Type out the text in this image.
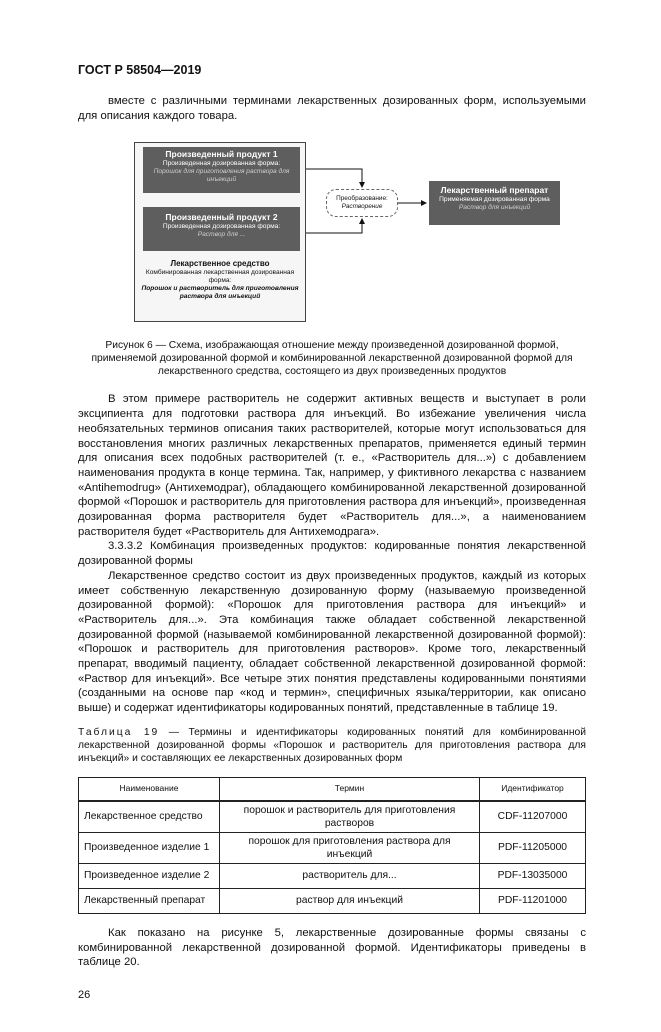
ГОСТ Р 58504—2019

вместе с различными терминами лекарственных дозированных форм, используемыми для описания каждого товара.

Произведенный продукт 1
Произведенная дозированная форма:
Порошок для приготовления раствора для инъекций
Произведенный продукт 2
Произведенная дозированная форма:
Раствор для ...
Лекарственное средство
Комбинированная лекарственная дозированная форма:
Порошок и растворитель для приготовления раствора для инъекций
Преобразование:
Растворение
Лекарственный препарат
Применяемая дозированная форма
Раствор для инъекций
Рисунок 6 — Схема, изображающая отношение между произведенной дозированной формой, применяемой дозированной формой и комбинированной лекарственной дозированной формой для лекарственного средства, состоящего из двух произведенных продуктов

В этом примере растворитель не содержит активных веществ и выступает в роли эксципиента для подготовки раствора для инъекций. Во избежание увеличения числа необязательных терминов описания таких растворителей, которые могут использоваться для восстановления многих различных лекарственных препаратов, применяется единый термин для описания всех подобных растворителей (т. е., «Растворитель для...») с добавлением наименования продукта в конце термина. Так, например, у фиктивного лекарства с названием «Antihemodrug» (Антихемодраг), обладающего комбинированной лекарственной дозированной формой «Порошок и растворитель для приготовления раствора для инъекций», произведенная дозированная форма растворителя будет «Растворитель для...», а наименованием растворителя будет «Растворитель для Антихемодрага».

3.3.3.2 Комбинация произведенных продуктов: кодированные понятия лекарственной дозированной формы

Лекарственное средство состоит из двух произведенных продуктов, каждый из которых имеет собственную лекарственную дозированную форму (называемую произведенной дозированной формой): «Порошок для приготовления раствора для инъекций» и «Растворитель для...». Эта комбинация также обладает собственной лекарственной дозированной формой (называемой комбинированной лекарственной дозированной формой): «Порошок и растворитель для приготовления растворов». Кроме того, лекарственный препарат, вводимый пациенту, обладает собственной лекарственной дозированной формой: «Раствор для инъекций». Все четыре этих понятия представлены кодированными понятиями (созданными на основе пар «код и термин», специфичных языка/территории, как описано выше) и содержат идентификаторы кодированных понятий, представленные в таблице 19.

Таблица 19 — Термины и идентификаторы кодированных понятий для комбинированной лекарственной дозированной формы «Порошок и растворитель для приготовления раствора для инъекций» и составляющих ее лекарственных дозированных форм
Наименование	Термин	Идентификатор
Лекарственное средство	порошок и растворитель для приготовления растворов	CDF-11207000
Произведенное изделие 1	порошок для приготовления раствора для инъекций	PDF-11205000
Произведенное изделие 2	растворитель для...	PDF-13035000
Лекарственный препарат	раствор для инъекций	PDF-11201000

Как показано на рисунке 5, лекарственные дозированные формы связаны с комбинированной лекарственной дозированной формой. Идентификаторы приведены в таблице 20.

26
